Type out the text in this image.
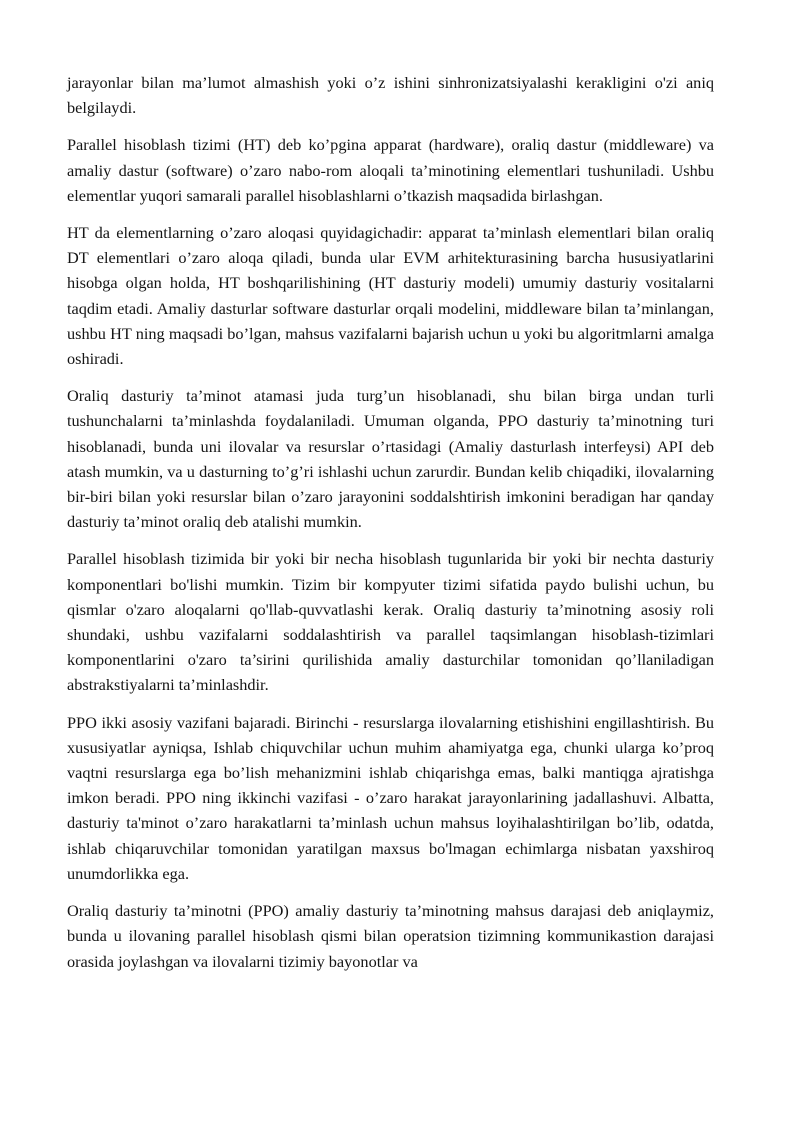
jarayonlar bilan ma’lumot almashish yoki o’z ishini sinhronizatsiyalashi kerakligini o'zi aniq belgilaydi.

Parallel hisoblash tizimi (HT) deb ko’pgina apparat (hardware), oraliq dastur (middleware) va amaliy dastur (software) o’zaro nabo-rom aloqali ta’minotining elementlari tushuniladi. Ushbu elementlar yuqori samarali parallel hisoblashlarni o’tkazish maqsadida birlashgan.

HT da elementlarning o’zaro aloqasi quyidagichadir: apparat ta’minlash elementlari bilan oraliq DT elementlari o’zaro aloqa qiladi, bunda ular EVM arhitekturasining barcha hususiyatlarini hisobga olgan holda, HT boshqarilishining (HT dasturiy modeli) umumiy dasturiy vositalarni taqdim etadi. Amaliy dasturlar software dasturlar orqali modelini, middleware bilan ta’minlangan, ushbu HT ning maqsadi bo’lgan, mahsus vazifalarni bajarish uchun u yoki bu algoritmlarni amalga oshiradi.

Oraliq dasturiy ta’minot atamasi juda turg’un hisoblanadi, shu bilan birga undan turli tushunchalarni ta’minlashda foydalaniladi. Umuman olganda, PPO dasturiy ta’minotning turi hisoblanadi, bunda uni ilovalar va resurslar o’rtasidagi (Amaliy dasturlash interfeysi) API deb atash mumkin, va u dasturning to’g’ri ishlashi uchun zarurdir. Bundan kelib chiqadiki, ilovalarning bir-biri bilan yoki resurslar bilan o’zaro jarayonini soddalshtirish imkonini beradigan har qanday dasturiy ta’minot oraliq deb atalishi mumkin.

Parallel hisoblash tizimida bir yoki bir necha hisoblash tugunlarida bir yoki bir nechta dasturiy komponentlari bo'lishi mumkin. Tizim bir kompyuter tizimi sifatida paydo bulishi uchun, bu qismlar o'zaro aloqalarni qo'llab-quvvatlashi kerak. Oraliq dasturiy ta’minotning asosiy roli shundaki, ushbu vazifalarni soddalashtirish va parallel taqsimlangan hisoblash-tizimlari komponentlarini o'zaro ta’sirini qurilishida amaliy dasturchilar tomonidan qo’llaniladigan abstrakstiyalarni ta’minlashdir.

PPO ikki asosiy vazifani bajaradi. Birinchi - resurslarga ilovalarning etishishini engillashtirish. Bu xususiyatlar ayniqsa, Ishlab chiquvchilar uchun muhim ahamiyatga ega, chunki ularga ko’proq vaqtni resurslarga ega bo’lish mehanizmini ishlab chiqarishga emas, balki mantiqga ajratishga imkon beradi. PPO ning ikkinchi vazifasi - o’zaro harakat jarayonlarining jadallashuvi. Albatta, dasturiy ta'minot o’zaro harakatlarni ta’minlash uchun mahsus loyihalashtirilgan bo’lib, odatda, ishlab chiqaruvchilar tomonidan yaratilgan maxsus bo'lmagan echimlarga nisbatan yaxshiroq unumdorlikka ega.

Oraliq dasturiy ta’minotni (PPO) amaliy dasturiy ta’minotning mahsus darajasi deb aniqlaymiz, bunda u ilovaning parallel hisoblash qismi bilan operatsion tizimning kommunikastion darajasi orasida joylashgan va ilovalarni tizimiy bayonotlar va
